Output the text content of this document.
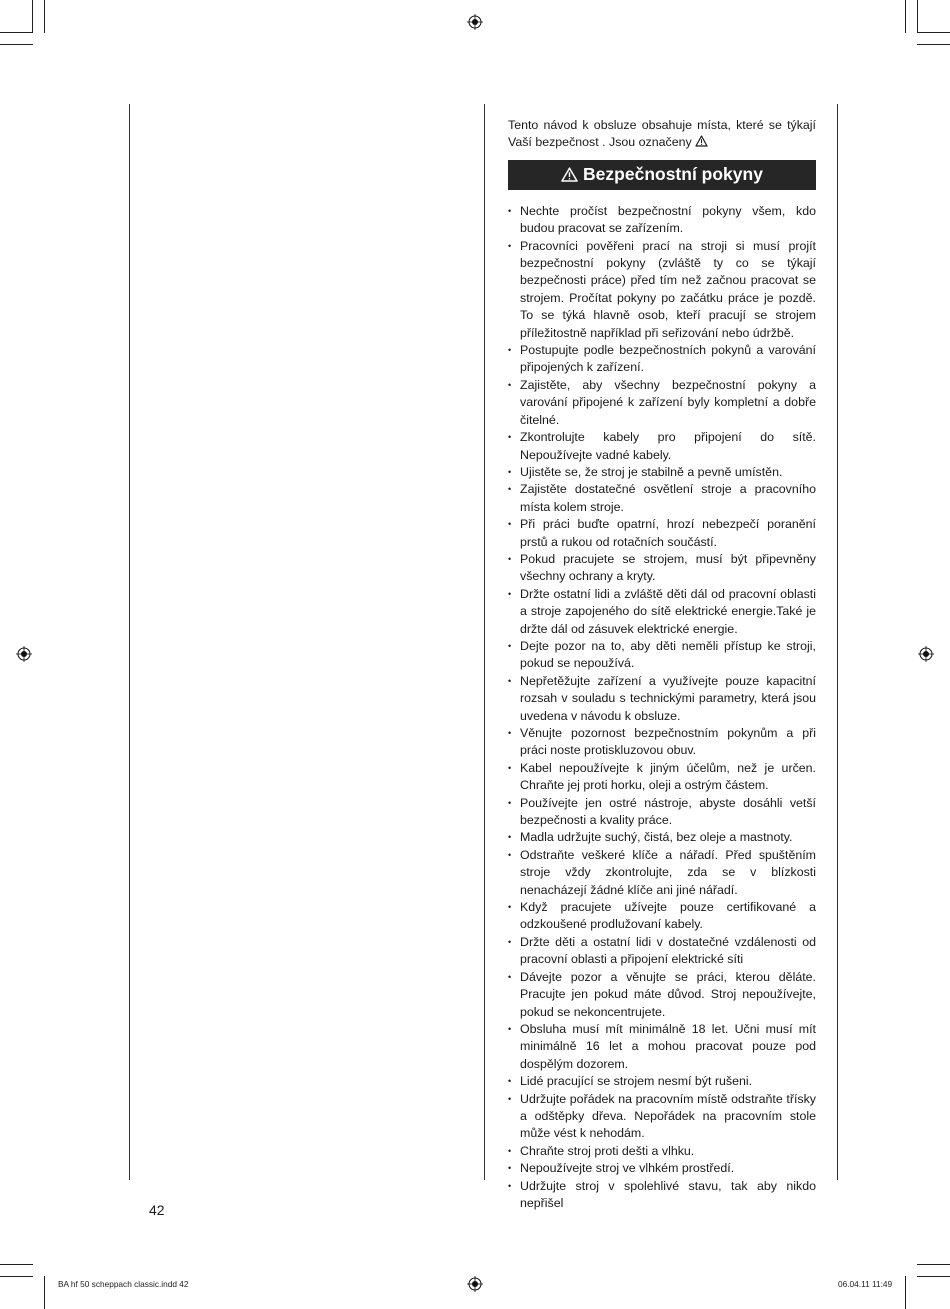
Tento návod k obsluze obsahuje místa, které se týkají Vaší bezpečnost . Jsou označeny

Bezpečnostní pokyny
• Nechte pročíst bezpečnostní pokyny všem, kdo budou pracovat se zařízením.
• Pracovníci pověřeni prací na stroji si musí projít bezpečnostní pokyny (zvláště ty co se týkají bezpečnosti práce) před tím než začnou pracovat se strojem. Pročítat pokyny po začátku práce je pozdě. To se týká hlavně osob, kteří pracují se strojem příležitostně například při seřizování nebo údržbě.
• Postupujte podle bezpečnostních pokynů a varování připojených k zařízení.
• Zajistěte, aby všechny bezpečnostní pokyny a varování připojené k zařízení byly kompletní a dobře čitelné.
• Zkontrolujte kabely pro připojení do sítě. Nepoužívejte vadné kabely.
• Ujistěte se, že stroj je stabilně a pevně umístěn.
• Zajistěte dostatečné osvětlení stroje a pracovního místa kolem stroje.
• Při práci buďte opatrní, hrozí nebezpečí poranění prstů a rukou od rotačních součástí.
• Pokud pracujete se strojem, musí být připevněny všechny ochrany a kryty.
• Držte ostatní lidi a zvláště děti dál od pracovní oblasti a stroje zapojeného do sítě elektrické energie.Také je držte dál od zásuvek elektrické energie.
• Dejte pozor na to, aby děti neměli přístup ke stroji, pokud se nepoužívá.
• Nepřetěžujte zařízení a využívejte pouze kapacitní rozsah v souladu s technickými parametry, která jsou uvedena v návodu k obsluze.
• Věnujte pozornost bezpečnostním pokynům a při práci noste protiskluzovou obuv.
• Kabel nepoužívejte k jiným účelům, než je určen. Chraňte jej proti horku, oleji a ostrým částem.
• Používejte jen ostré nástroje, abyste dosáhli vetší bezpečnosti a kvality práce.
• Madla udržujte suchý, čistá, bez oleje a mastnoty.
• Odstraňte veškeré klíče a nářadí. Před spuštěním stroje vždy zkontrolujte, zda se v blízkosti nenacházejí žádné klíče ani jiné nářadí.
• Když pracujete užívejte pouze certifikované a odzkoušené prodlužovaní kabely.
• Držte děti a ostatní lidi v dostatečné vzdálenosti od pracovní oblasti a připojení elektrické síti
• Dávejte pozor a věnujte se práci, kterou děláte. Pracujte jen pokud máte důvod. Stroj nepoužívejte, pokud se nekoncentrujete.
• Obsluha musí mít minimálně 18 let. Učni musí mít minimálně 16 let a mohou pracovat pouze pod dospělým dozorem.
• Lidé pracující se strojem nesmí být rušeni.
• Udržujte pořádek na pracovním místě odstraňte třísky a odštěpky dřeva. Nepořádek na pracovním stole může vést k nehodám.
• Chraňte stroj proti dešti a vlhku.
• Nepoužívejte stroj ve vlhkém prostředí.
• Udržujte stroj v spolehlivé stavu, tak aby nikdo nepřišel
42
BA hf 50 scheppach classic.indd 42	06.04.11 11:49
